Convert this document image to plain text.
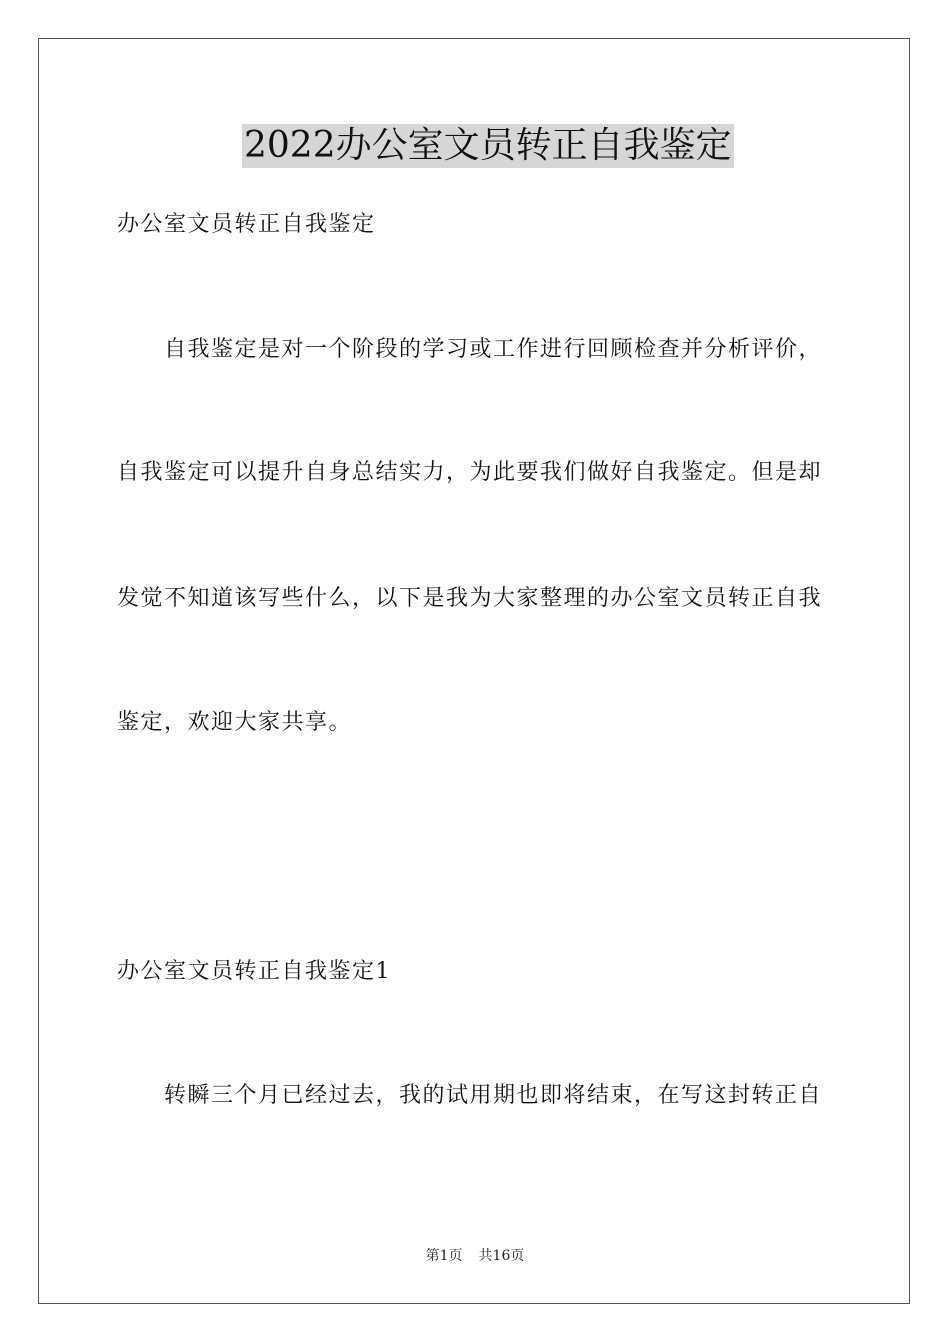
2022办公室文员转正自我鉴定

办公室文员转正自我鉴定

自我鉴定是对一个阶段的学习或工作进行回顾检查并分析评价，

自我鉴定可以提升自身总结实力，为此要我们做好自我鉴定。但是却

发觉不知道该写些什么，以下是我为大家整理的办公室文员转正自我

鉴定，欢迎大家共享。

办公室文员转正自我鉴定1

转瞬三个月已经过去，我的试用期也即将结束，在写这封转正自

第1页 共16页
